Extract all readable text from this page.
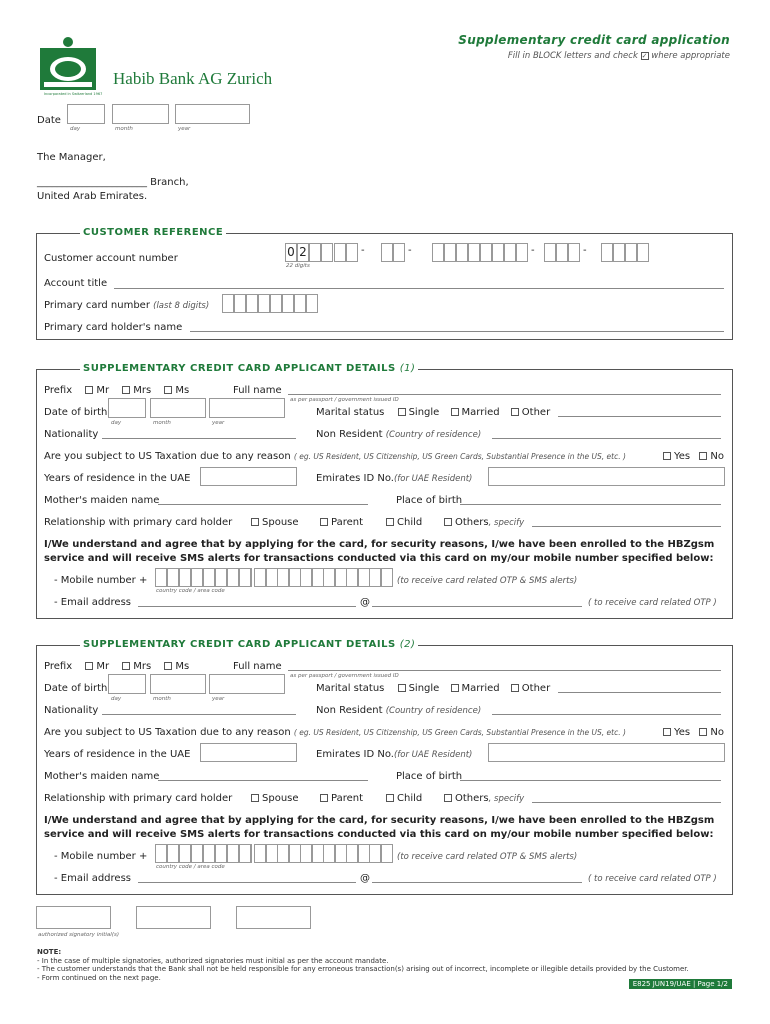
Incorporated in Switzerland 1967
Habib Bank AG Zurich
Supplementary credit card application
Fill in BLOCK letters and check ✓ where appropriate
Date
day	month	year
The Manager,
______________________ Branch,
United Arab Emirates.
CUSTOMER REFERENCE
Customer account number	0 2	-	-	-	-
22 digits
Account title
Primary card number (last 8 digits)
Primary card holder's name
SUPPLEMENTARY CREDIT CARD APPLICANT DETAILS (1)
Prefix Mr Mrs Ms	Full name
as per passport / government issued ID
Date of birth
day	month	year
Marital status Single Married Other
Nationality	Non Resident (Country of residence)
Are you subject to US Taxation due to any reason ( eg. US Resident, US Citizenship, US Green Cards, Substantial Presence in the US, etc. )	Yes No
Years of residence in the UAE	Emirates ID No.(for UAE Resident)
Mother's maiden name	Place of birth
Relationship with primary card holder	Spouse	Parent	Child	Others, specify
I/We understand and agree that by applying for the card, for security reasons, I/we have been enrolled to the HBZgsm service and will receive SMS alerts for transactions conducted via this card on my/our mobile number specified below:
- Mobile number +
country code / area code
(to receive card related OTP & SMS alerts)
- Email address	@	( to receive card related OTP )
SUPPLEMENTARY CREDIT CARD APPLICANT DETAILS (2)
Prefix Mr Mrs Ms	Full name
as per passport / government issued ID
Date of birth
day	month	year
Marital status Single Married Other
Nationality	Non Resident (Country of residence)
Are you subject to US Taxation due to any reason ( eg. US Resident, US Citizenship, US Green Cards, Substantial Presence in the US, etc. )	Yes No
Years of residence in the UAE	Emirates ID No.(for UAE Resident)
Mother's maiden name	Place of birth
Relationship with primary card holder	Spouse	Parent	Child	Others, specify
I/We understand and agree that by applying for the card, for security reasons, I/we have been enrolled to the HBZgsm service and will receive SMS alerts for transactions conducted via this card on my/our mobile number specified below:
- Mobile number +
country code / area code
(to receive card related OTP & SMS alerts)
- Email address	@	( to receive card related OTP )
authorized signatory initial(s)
NOTE:
- In the case of multiple signatories, authorized signatories must initial as per the account mandate.
- The customer understands that the Bank shall not be held responsible for any erroneous transaction(s) arising out of incorrect, incomplete or illegible details provided by the Customer.
- Form continued on the next page.
E825 JUN19/UAE | Page 1/2
